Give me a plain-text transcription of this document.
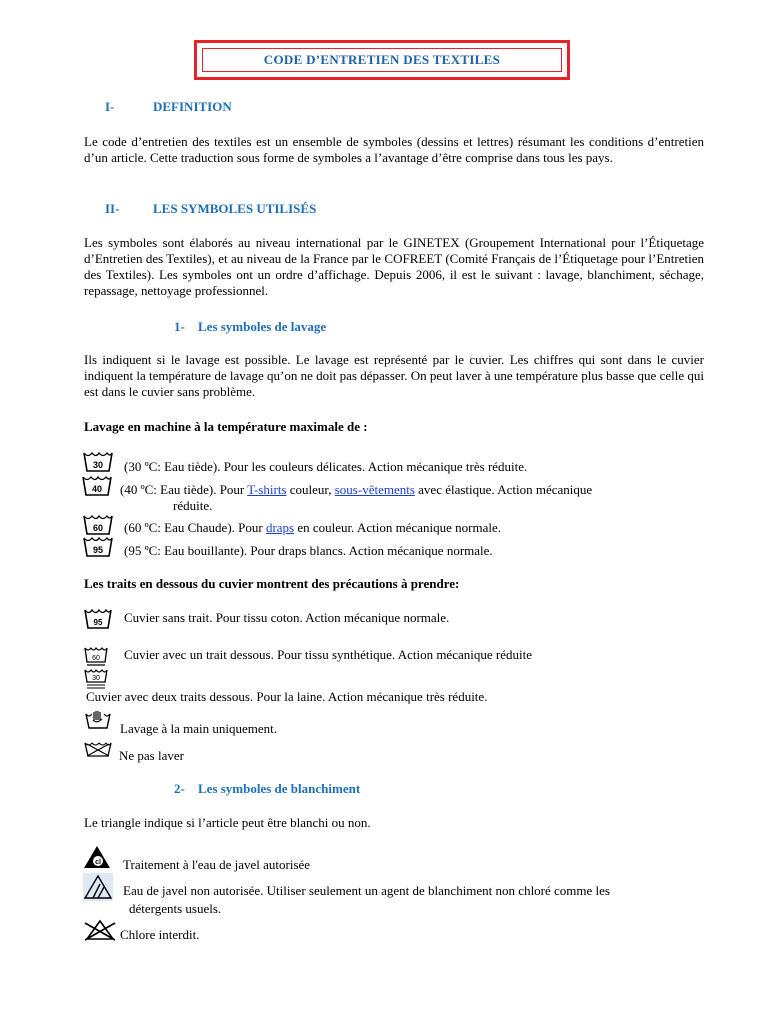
CODE D’ENTRETIEN DES TEXTILES
I-	DEFINITION
Le code d’entretien des textiles est un ensemble de symboles (dessins et lettres) résumant les conditions d’entretien d’un article. Cette traduction sous forme de symboles a l’avantage d’être comprise dans tous les pays.
II-	LES SYMBOLES UTILISÉS
Les symboles sont élaborés au niveau international par le GINETEX (Groupement International pour l’Étiquetage d’Entretien des Textiles), et au niveau de la France par le COFREET (Comité Français de l’Étiquetage pour l’Entretien des Textiles). Les symboles ont un ordre d’affichage. Depuis 2006, il est le suivant : lavage, blanchiment, séchage, repassage, nettoyage professionnel.
1- Les symboles de lavage
Ils indiquent si le lavage est possible. Le lavage est représenté par le cuvier. Les chiffres qui sont dans le cuvier indiquent la température de lavage qu’on ne doit pas dépasser. On peut laver à une température plus basse que celle qui est dans le cuvier sans problème.
Lavage en machine à la température maximale de :
30 (30 ºC: Eau tiède). Pour les couleurs délicates. Action mécanique très réduite.
40 (40 ºC: Eau tiède). Pour T-shirts couleur, sous-vêtements avec élastique. Action mécanique
réduite.
60 (60 ºC: Eau Chaude). Pour draps en couleur. Action mécanique normale.
95 (95 ºC: Eau bouillante). Pour draps blancs. Action mécanique normale.
Les traits en dessous du cuvier montrent des précautions à prendre:
95 Cuvier sans trait. Pour tissu coton. Action mécanique normale.
60 Cuvier avec un trait dessous. Pour tissu synthétique. Action mécanique réduite
30
Cuvier avec deux traits dessous. Pour la laine. Action mécanique très réduite.
Lavage à la main uniquement.
Ne pas laver
2- Les symboles de blanchiment
Le triangle indique si l’article peut être blanchi ou non.
cl Traitement à l'eau de javel autorisée
Eau de javel non autorisée. Utiliser seulement un agent de blanchiment non chloré comme les
détergents usuels.
Chlore interdit.
